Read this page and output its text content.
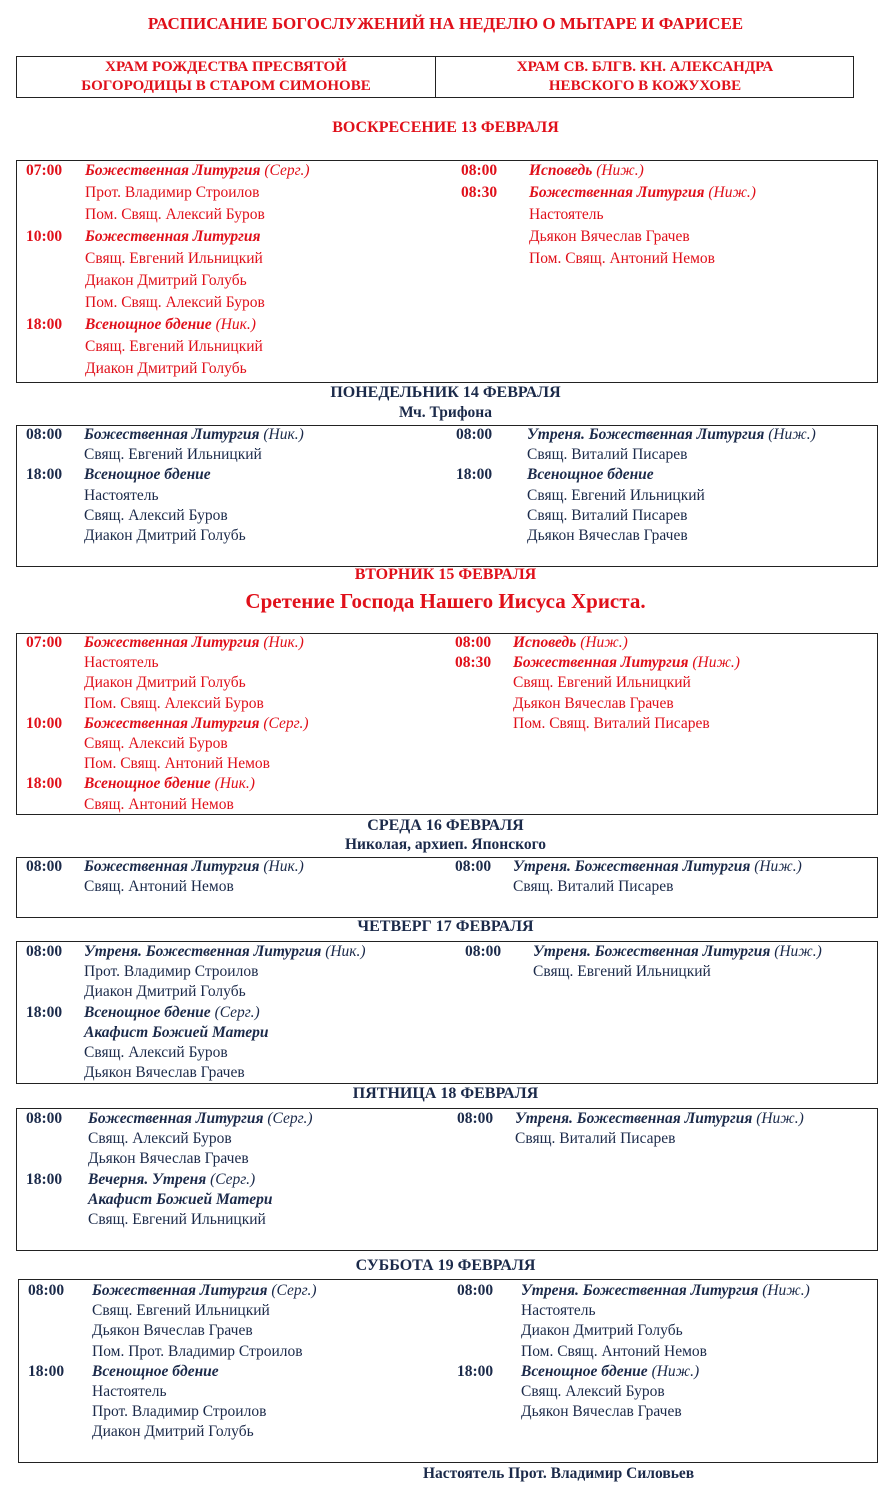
РАСПИСАНИЕ БОГОСЛУЖЕНИЙ НА НЕДЕЛЮ О МЫТАРЕ И ФАРИСЕЕ
ХРАМ РОЖДЕСТВА ПРЕСВЯТОЙ
БОГОРОДИЦЫ В СТАРОМ СИМОНОВЕ
ХРАМ СВ. БЛГВ. КН. АЛЕКСАНДРА
НЕВСКОГО В КОЖУХОВЕ
ВОСКРЕСЕНИЕ 13 ФЕВРАЛЯ
07:00 Божественная Литургия (Серг.)
Прот. Владимир Строилов
Пом. Свящ. Алексий Буров
10:00 Божественная Литургия
Свящ. Евгений Ильницкий
Диакон Дмитрий Голубь
Пом. Свящ. Алексий Буров
18:00 Всенощное бдение (Ник.)
Свящ. Евгений Ильницкий
Диакон Дмитрий Голубь
08:00 Исповедь (Ниж.)
08:30 Божественная Литургия (Ниж.)
Настоятель
Дьякон Вячеслав Грачев
Пом. Свящ. Антоний Немов
ПОНЕДЕЛЬНИК 14 ФЕВРАЛЯ
Мч. Трифона
08:00 Божественная Литургия (Ник.)
Свящ. Евгений Ильницкий
18:00 Всенощное бдение
Настоятель
Свящ. Алексий Буров
Диакон Дмитрий Голубь
08:00 Утреня. Божественная Литургия (Ниж.)
Свящ. Виталий Писарев
18:00 Всенощное бдение
Свящ. Евгений Ильницкий
Свящ. Виталий Писарев
Дьякон Вячеслав Грачев
ВТОРНИК 15 ФЕВРАЛЯ
Сретение Господа Нашего Иисуса Христа.
07:00 Божественная Литургия (Ник.)
Настоятель
Диакон Дмитрий Голубь
Пом. Свящ. Алексий Буров
10:00 Божественная Литургия (Серг.)
Свящ. Алексий Буров
Пом. Свящ. Антоний Немов
18:00 Всенощное бдение (Ник.)
Свящ. Антоний Немов
08:00 Исповедь (Ниж.)
08:30 Божественная Литургия (Ниж.)
Свящ. Евгений Ильницкий
Дьякон Вячеслав Грачев
Пом. Свящ. Виталий Писарев
СРЕДА 16 ФЕВРАЛЯ
Николая, архиеп. Японского
08:00 Божественная Литургия (Ник.)
Свящ. Антоний Немов
08:00 Утреня. Божественная Литургия (Ниж.)
Свящ. Виталий Писарев
ЧЕТВЕРГ 17 ФЕВРАЛЯ
08:00 Утреня. Божественная Литургия (Ник.)
Прот. Владимир Строилов
Диакон Дмитрий Голубь
18:00 Всенощное бдение (Серг.)
Акафист Божией Матери
Свящ. Алексий Буров
Дьякон Вячеслав Грачев
08:00 Утреня. Божественная Литургия (Ниж.)
Свящ. Евгений Ильницкий
ПЯТНИЦА 18 ФЕВРАЛЯ
08:00 Божественная Литургия (Серг.)
Свящ. Алексий Буров
Дьякон Вячеслав Грачев
18:00 Вечерня. Утреня (Серг.)
Акафист Божией Матери
Свящ. Евгений Ильницкий
08:00 Утреня. Божественная Литургия (Ниж.)
Свящ. Виталий Писарев
СУББОТА 19 ФЕВРАЛЯ
08:00 Божественная Литургия (Серг.)
Свящ. Евгений Ильницкий
Дьякон Вячеслав Грачев
Пом. Прот. Владимир Строилов
18:00 Всенощное бдение
Настоятель
Прот. Владимир Строилов
Диакон Дмитрий Голубь
08:00 Утреня. Божественная Литургия (Ниж.)
Настоятель
Диакон Дмитрий Голубь
Пом. Свящ. Антоний Немов
18:00 Всенощное бдение (Ниж.)
Свящ. Алексий Буров
Дьякон Вячеслав Грачев
Настоятель Прот. Владимир Силовьев
